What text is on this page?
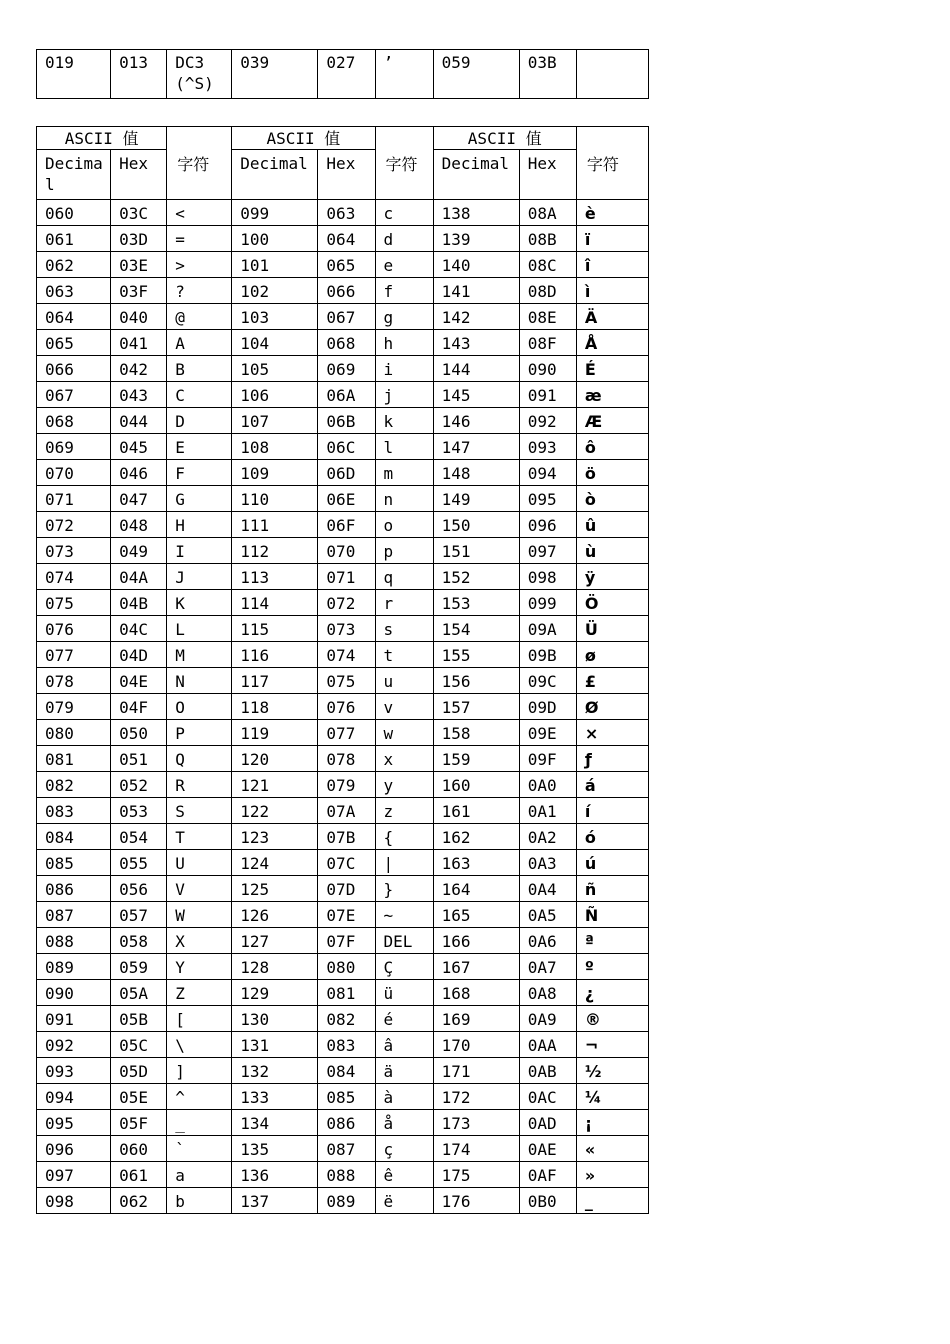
019	013	DC3
(^S)	039	027	’	059	03B	
ASCII 值		字符	ASCII 值		字符	ASCII 值		字符
Decima
l	Hex		Decimal	Hex		Decimal	Hex	
060	03C	<	099	063	c	138	08A	è
061	03D	=	100	064	d	139	08B	ï
062	03E	>	101	065	e	140	08C	î
063	03F	?	102	066	f	141	08D	ì
064	040	@	103	067	g	142	08E	Ä
065	041	A	104	068	h	143	08F	Å
066	042	B	105	069	i	144	090	É
067	043	C	106	06A	j	145	091	æ
068	044	D	107	06B	k	146	092	Æ
069	045	E	108	06C	l	147	093	ô
070	046	F	109	06D	m	148	094	ö
071	047	G	110	06E	n	149	095	ò
072	048	H	111	06F	o	150	096	û
073	049	I	112	070	p	151	097	ù
074	04A	J	113	071	q	152	098	ÿ
075	04B	K	114	072	r	153	099	Ö
076	04C	L	115	073	s	154	09A	Ü
077	04D	M	116	074	t	155	09B	ø
078	04E	N	117	075	u	156	09C	£
079	04F	O	118	076	v	157	09D	Ø
080	050	P	119	077	w	158	09E	×
081	051	Q	120	078	x	159	09F	ƒ
082	052	R	121	079	y	160	0A0	á
083	053	S	122	07A	z	161	0A1	í
084	054	T	123	07B	{	162	0A2	ó
085	055	U	124	07C	|	163	0A3	ú
086	056	V	125	07D	}	164	0A4	ñ
087	057	W	126	07E	~	165	0A5	Ñ
088	058	X	127	07F	DEL	166	0A6	ª
089	059	Y	128	080	Ç	167	0A7	º
090	05A	Z	129	081	ü	168	0A8	¿
091	05B	[	130	082	é	169	0A9	®
092	05C	\	131	083	â	170	0AA	¬
093	05D	]	132	084	ä	171	0AB	½
094	05E	^	133	085	à	172	0AC	¼
095	05F	_	134	086	å	173	0AD	¡
096	060	`	135	087	ç	174	0AE	«
097	061	a	136	088	ê	175	0AF	»
098	062	b	137	089	ë	176	0B0	_
